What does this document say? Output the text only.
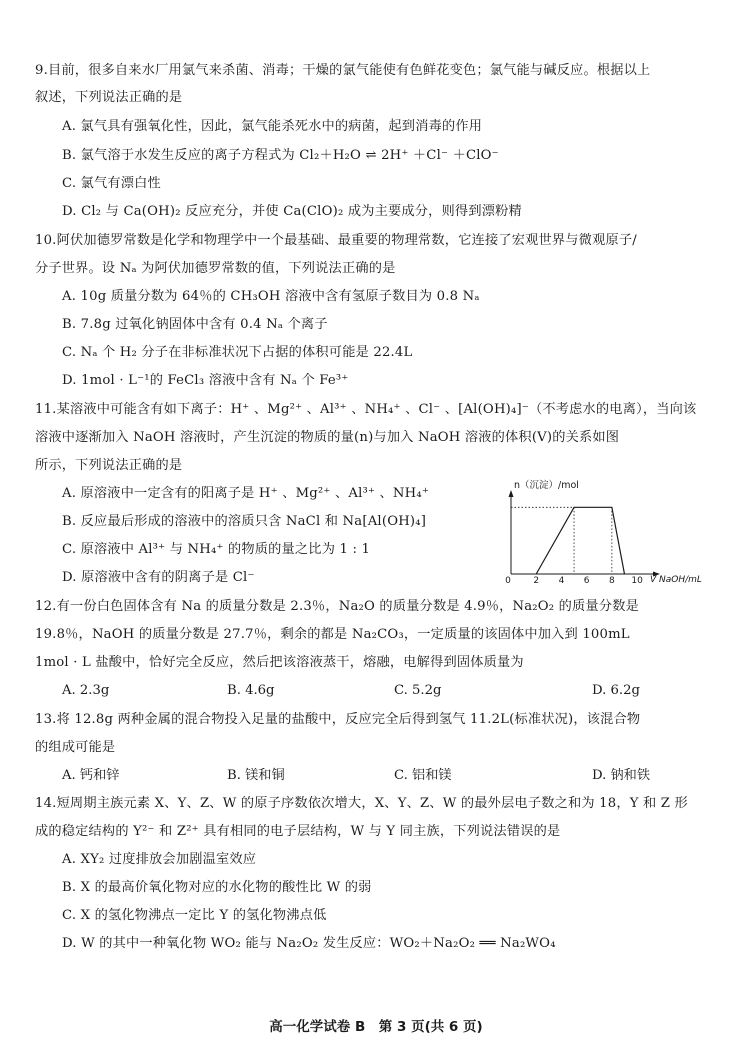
9.目前，很多自来水厂用氯气来杀菌、消毒；干燥的氯气能使有色鲜花变色；氯气能与碱反应。根据以上
叙述，下列说法正确的是
A. 氯气具有强氧化性，因此，氯气能杀死水中的病菌，起到消毒的作用
B. 氯气溶于水发生反应的离子方程式为 Cl₂＋H₂O ⇌ 2H⁺ ＋Cl⁻ ＋ClO⁻
C. 氯气有漂白性
D. Cl₂ 与 Ca(OH)₂ 反应充分，并使 Ca(ClO)₂ 成为主要成分，则得到漂粉精
10.阿伏加德罗常数是化学和物理学中一个最基础、最重要的物理常数，它连接了宏观世界与微观原子/
分子世界。设 Nₐ 为阿伏加德罗常数的值，下列说法正确的是
A. 10g 质量分数为 64％的 CH₃OH 溶液中含有氢原子数目为 0.8 Nₐ
B. 7.8g 过氧化钠固体中含有 0.4 Nₐ 个离子
C. Nₐ 个 H₂ 分子在非标准状况下占据的体积可能是 22.4L
D. 1mol · L⁻¹的 FeCl₃ 溶液中含有 Nₐ 个 Fe³⁺
11.某溶液中可能含有如下离子：H⁺ 、Mg²⁺ 、Al³⁺ 、NH₄⁺ 、Cl⁻ 、[Al(OH)₄]⁻（不考虑水的电离），当向该
溶液中逐渐加入 NaOH 溶液时，产生沉淀的物质的量(n)与加入 NaOH 溶液的体积(V)的关系如图
所示，下列说法正确的是
A. 原溶液中一定含有的阳离子是 H⁺ 、Mg²⁺ 、Al³⁺ 、NH₄⁺
B. 反应最后形成的溶液中的溶质只含 NaCl 和 Na[Al(OH)₄]
C. 原溶液中 Al³⁺ 与 NH₄⁺ 的物质的量之比为 1 : 1
D. 原溶液中含有的阴离子是 Cl⁻
n（沉淀）/mol
0 2 4 6 8 10 V NaOH/mL
12.有一份白色固体含有 Na 的质量分数是 2.3％，Na₂O 的质量分数是 4.9％，Na₂O₂ 的质量分数是
19.8％，NaOH 的质量分数是 27.7％，剩余的都是 Na₂CO₃，一定质量的该固体中加入到 100mL
1mol · L 盐酸中，恰好完全反应，然后把该溶液蒸干，熔融，电解得到固体质量为
A. 2.3g	B. 4.6g	C. 5.2g	D. 6.2g
13.将 12.8g 两种金属的混合物投入足量的盐酸中，反应完全后得到氢气 11.2L(标准状况)，该混合物
的组成可能是
A. 钙和锌	B. 镁和铜	C. 铝和镁	D. 钠和铁
14.短周期主族元素 X、Y、Z、W 的原子序数依次增大，X、Y、Z、W 的最外层电子数之和为 18，Y 和 Z 形
成的稳定结构的 Y²⁻ 和 Z²⁺ 具有相同的电子层结构，W 与 Y 同主族，下列说法错误的是
A. XY₂ 过度排放会加剧温室效应
B. X 的最高价氧化物对应的水化物的酸性比 W 的弱
C. X 的氢化物沸点一定比 Y 的氢化物沸点低
D. W 的其中一种氧化物 WO₂ 能与 Na₂O₂ 发生反应：WO₂＋Na₂O₂ ══ Na₂WO₄
高一化学试卷 B　第 3 页(共 6 页)
